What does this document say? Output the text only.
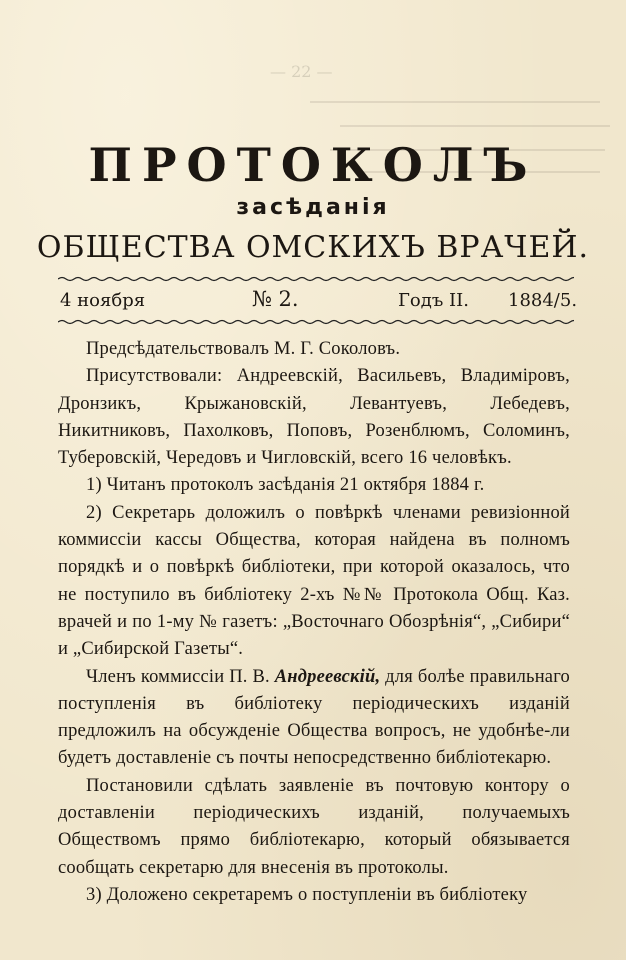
— 22 —
ПРОТОКОЛЪ
засѣданія
ОБЩЕСТВА ОМСКИХЪ ВРАЧЕЙ.
4 ноября	№ 2.	Годъ II. 1884/5.

Предсѣдательствовалъ М. Г. Соколовъ.

Присутствовали: Андреевскій, Васильевъ, Владиміровъ, Дронзикъ, Крыжановскій, Левантуевъ, Лебедевъ, Никитниковъ, Пахолковъ, Поповъ, Розенблюмъ, Соломинъ, Туберовскій, Чередовъ и Чигловскій, всего 16 человѣкъ.

1) Читанъ протоколъ засѣданія 21 октября 1884 г.

2) Секретарь доложилъ о повѣркѣ членами ревизіонной коммиссіи кассы Общества, которая найдена въ полномъ порядкѣ и о повѣркѣ библіотеки, при которой оказалось, что не поступило въ библіотеку 2-хъ №№ Протокола Общ. Каз. врачей и по 1-му № газетъ: „Восточнаго Обозрѣнія“, „Сибири“ и „Сибирской Газеты“.

Членъ коммиссіи П. В. Андреевскій, для болѣе правильнаго поступленія въ библіотеку періодическихъ изданій предложилъ на обсужденіе Общества вопросъ, не удобнѣе-ли будетъ доставленіе съ почты непосредственно библіотекарю.

Постановили сдѣлать заявленіе въ почтовую контору о доставленіи періодическихъ изданій, получаемыхъ Обществомъ прямо библіотекарю, который обязывается сообщать секретарю для внесенія въ протоколы.

3) Доложено секретаремъ о поступленіи въ библіотеку
